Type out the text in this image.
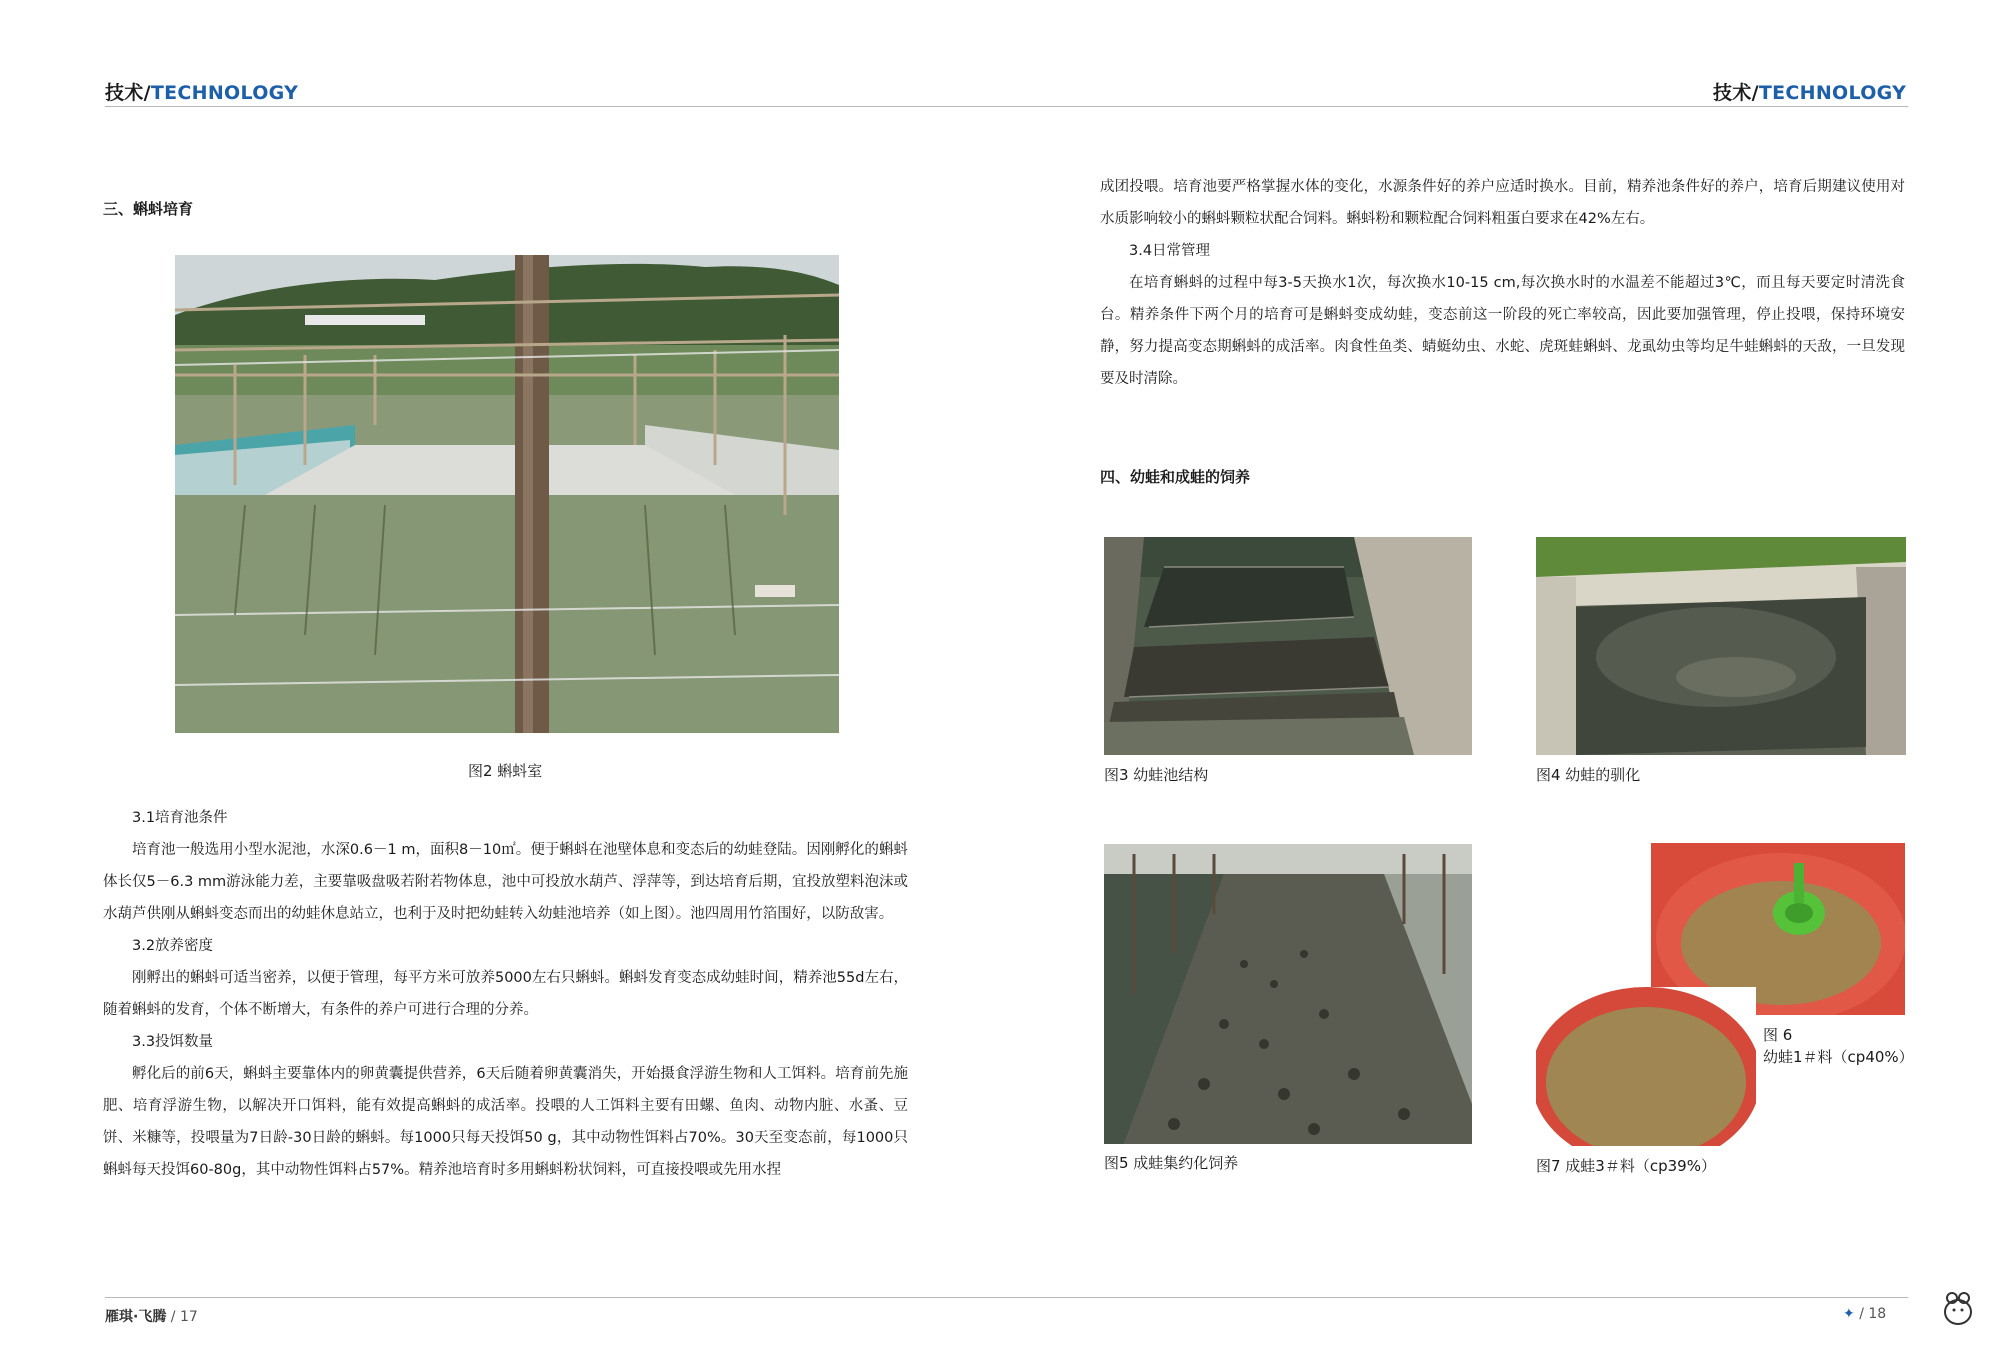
技术/TECHNOLOGY	技术/TECHNOLOGY
三、蝌蚪培育
图2 蝌蚪室

3.1培育池条件

培育池一般选用小型水泥池，水深0.6－1 m，面积8－10㎡。便于蝌蚪在池壁体息和变态后的幼蛙登陆。因刚孵化的蝌蚪体长仅5－6.3 mm游泳能力差，主要靠吸盘吸若附若物体息，池中可投放水葫芦、浮萍等，到达培育后期，宜投放塑料泡沫或水葫芦供刚从蝌蚪变态而出的幼蛙休息站立，也利于及时把幼蛙转入幼蛙池培养（如上图）。池四周用竹箔围好，以防敌害。

3.2放养密度

刚孵出的蝌蚪可适当密养，以便于管理，每平方米可放养5000左右只蝌蚪。蝌蚪发育变态成幼蛙时间，精养池55d左右，随着蝌蚪的发育，个体不断增大，有条件的养户可进行合理的分养。

3.3投饵数量

孵化后的前6天，蝌蚪主要靠体内的卵黄囊提供营养，6天后随着卵黄囊消失，开始摄食浮游生物和人工饵料。培育前先施肥、培育浮游生物，以解决开口饵料，能有效提高蝌蚪的成活率。投喂的人工饵料主要有田螺、鱼肉、动物内脏、水蚤、豆饼、米糠等，投喂量为7日龄-30日龄的蝌蚪。每1000只每天投饵50 g，其中动物性饵料占70%。30天至变态前，每1000只蝌蚪每天投饵60-80g，其中动物性饵料占57%。精养池培育时多用蝌蚪粉状饲料，可直接投喂或先用水捏

成团投喂。培育池要严格掌握水体的变化，水源条件好的养户应适时换水。目前，精养池条件好的养户，培育后期建议使用对水质影响较小的蝌蚪颗粒状配合饲料。蝌蚪粉和颗粒配合饲料粗蛋白要求在42%左右。

3.4日常管理

在培育蝌蚪的过程中每3-5天换水1次，每次换水10-15 cm,每次换水时的水温差不能超过3℃，而且每天要定时清洗食台。精养条件下两个月的培育可是蝌蚪变成幼蛙，变态前这一阶段的死亡率较高，因此要加强管理，停止投喂，保持环境安静，努力提高变态期蝌蚪的成活率。肉食性鱼类、蜻蜓幼虫、水蛇、虎斑蛙蝌蚪、龙虱幼虫等均足牛蛙蝌蚪的天敌，一旦发现要及时清除。

四、幼蛙和成蛙的饲养
图3 幼蛙池结构	图4 幼蛙的驯化
图5 成蛙集约化饲养
图 6
幼蛙1＃料（cp40%）
图7 成蛙3＃料（cp39%）
雁琪·飞腾 / 17	✦ / 18
